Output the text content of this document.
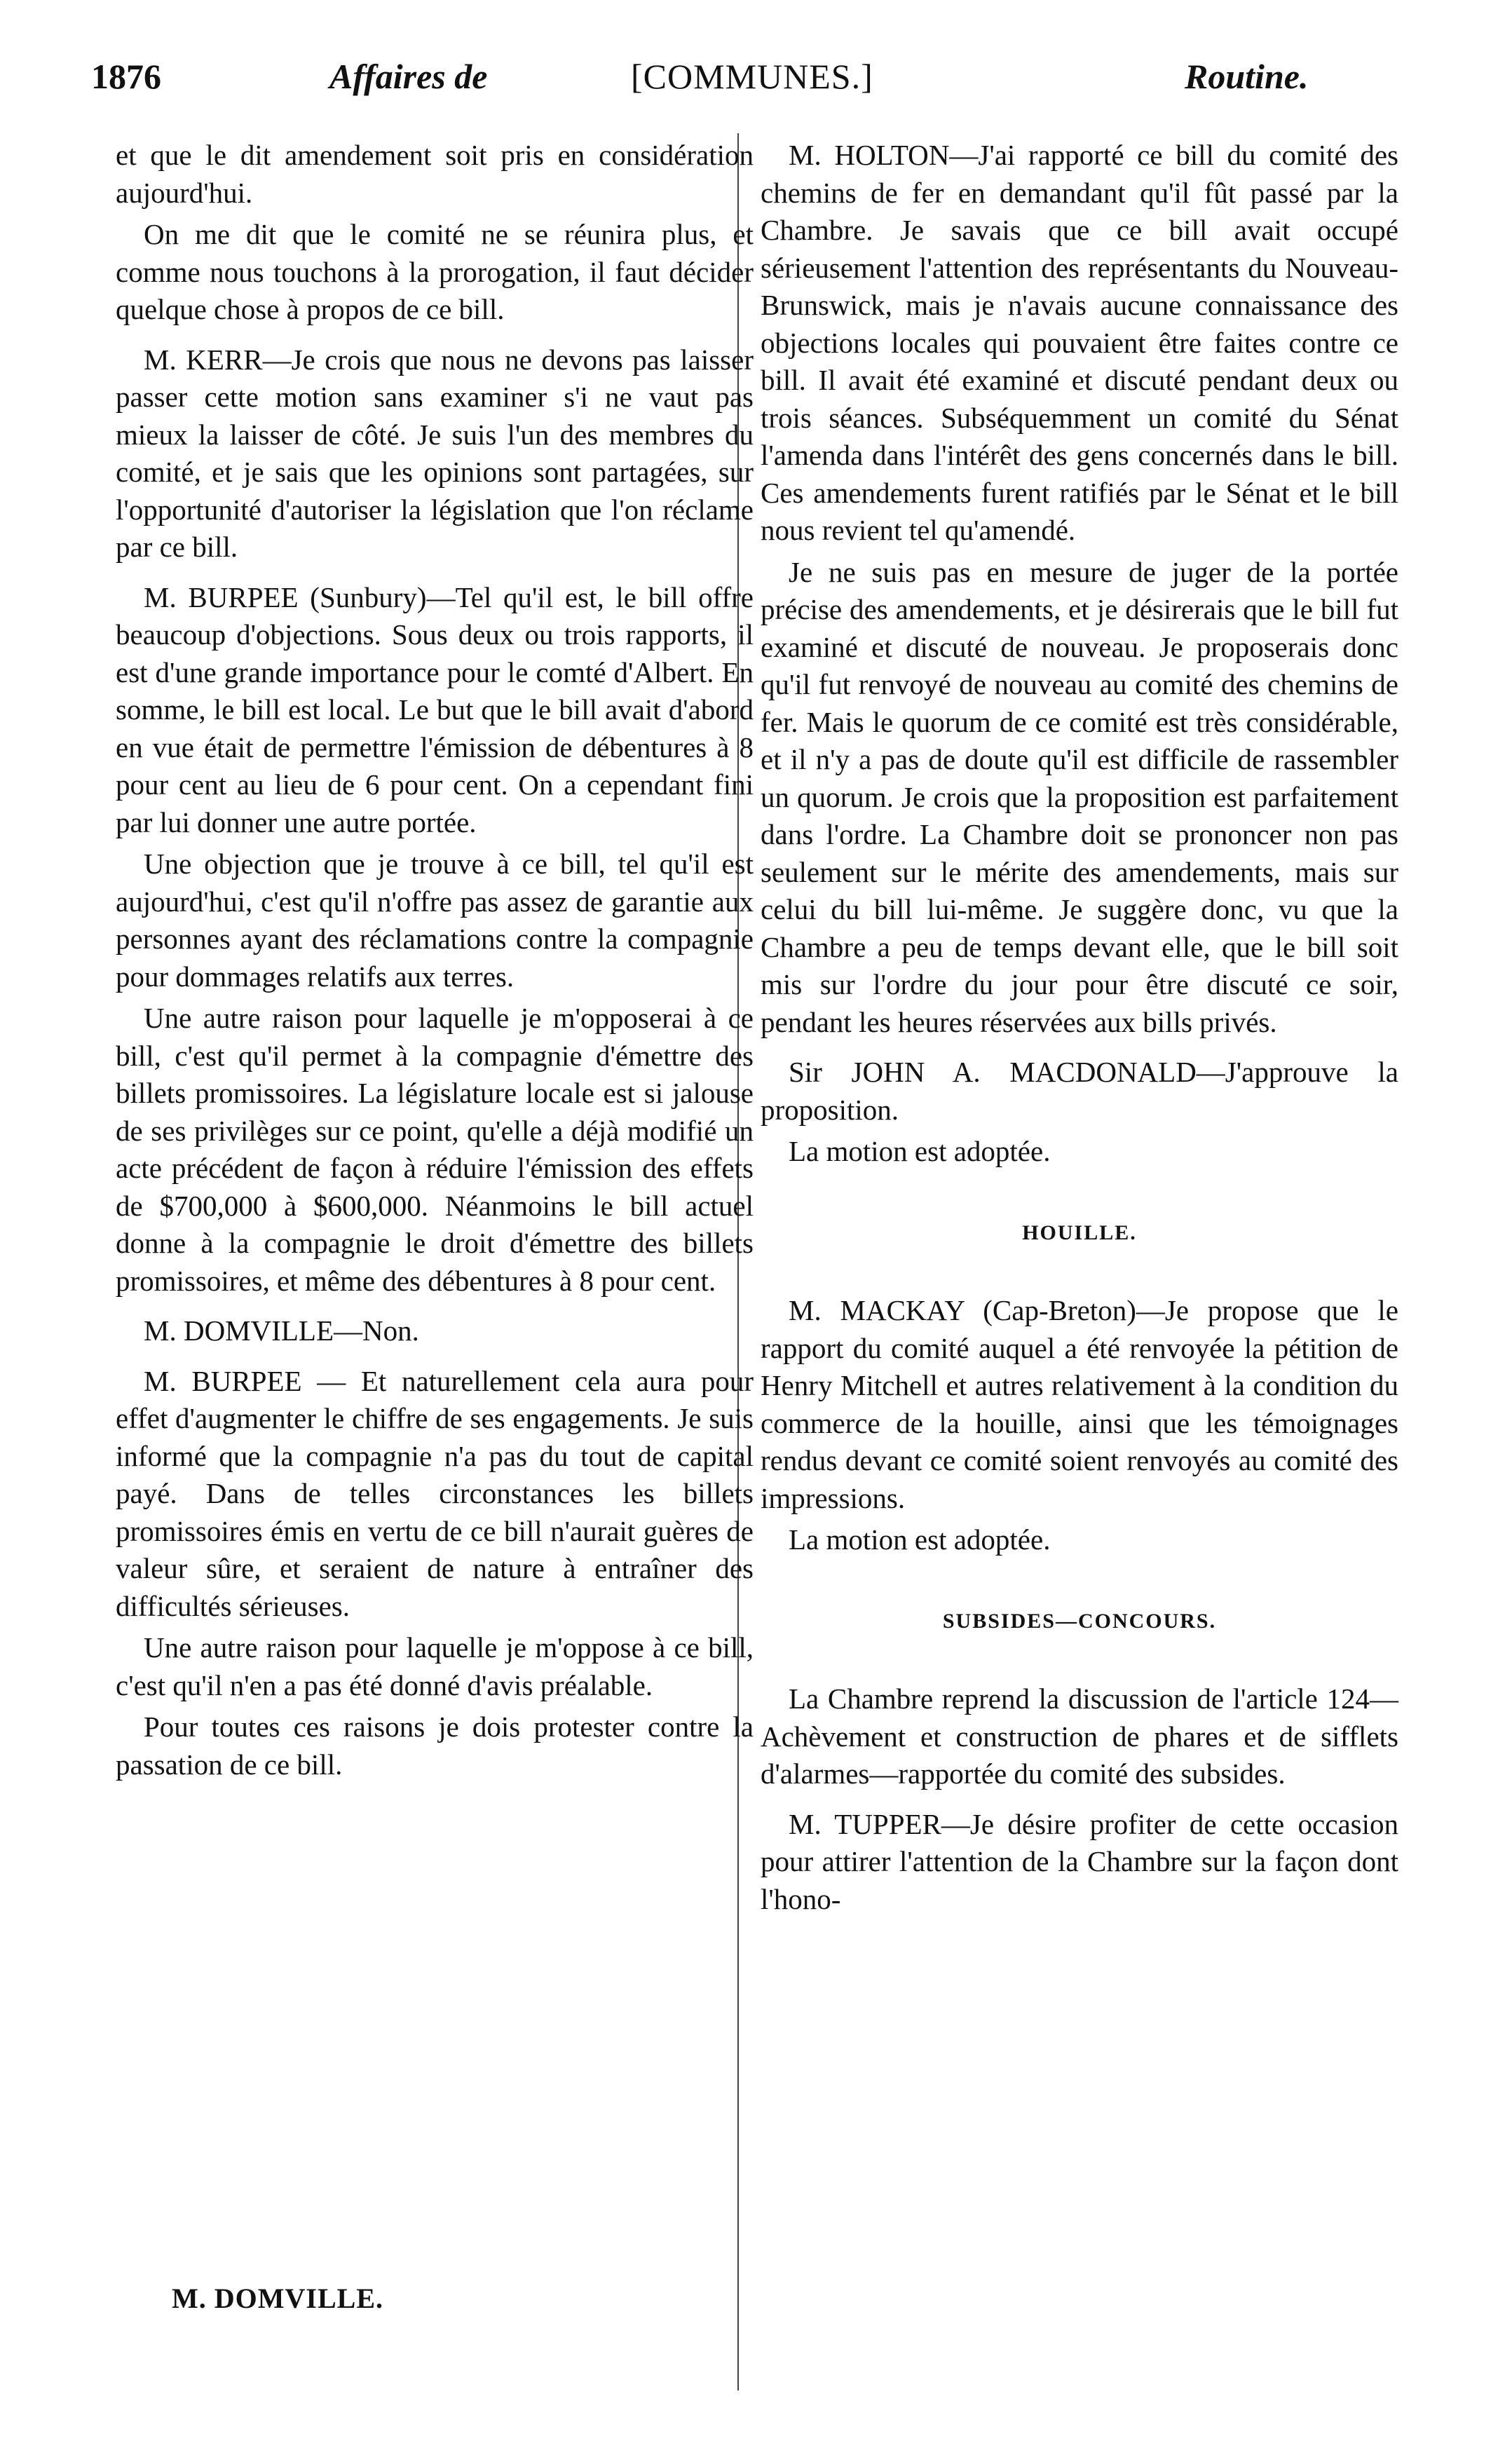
1876	Affaires de	[COMMUNES.]	Routine.

et que le dit amendement soit pris en considération aujourd'hui.

On me dit que le comité ne se réunira plus, et comme nous touchons à la prorogation, il faut décider quelque chose à propos de ce bill.

M. KERR—Je crois que nous ne devons pas laisser passer cette motion sans examiner s'i ne vaut pas mieux la laisser de côté. Je suis l'un des membres du comité, et je sais que les opinions sont partagées, sur l'opportunité d'autoriser la législation que l'on réclame par ce bill.

M. BURPEE (Sunbury)—Tel qu'il est, le bill offre beaucoup d'objections. Sous deux ou trois rapports, il est d'une grande importance pour le comté d'Albert. En somme, le bill est local. Le but que le bill avait d'abord en vue était de permettre l'émission de débentures à 8 pour cent au lieu de 6 pour cent. On a cependant fini par lui donner une autre portée.

Une objection que je trouve à ce bill, tel qu'il est aujourd'hui, c'est qu'il n'offre pas assez de garantie aux personnes ayant des réclamations contre la compagnie pour dommages relatifs aux terres.

Une autre raison pour laquelle je m'opposerai à ce bill, c'est qu'il permet à la compagnie d'émettre des billets promissoires. La législature locale est si jalouse de ses privilèges sur ce point, qu'elle a déjà modifié un acte précédent de façon à réduire l'émission des effets de $700,000 à $600,000. Néanmoins le bill actuel donne à la compagnie le droit d'émettre des billets promissoires, et même des débentures à 8 pour cent.

M. DOMVILLE—Non.

M. BURPEE — Et naturellement cela aura pour effet d'augmenter le chiffre de ses engagements. Je suis informé que la compagnie n'a pas du tout de capital payé. Dans de telles circonstances les billets promissoires émis en vertu de ce bill n'aurait guères de valeur sûre, et seraient de nature à entraîner des difficultés sérieuses.

Une autre raison pour laquelle je m'oppose à ce bill, c'est qu'il n'en a pas été donné d'avis préalable.

Pour toutes ces raisons je dois protester contre la passation de ce bill.

M. HOLTON—J'ai rapporté ce bill du comité des chemins de fer en demandant qu'il fût passé par la Chambre. Je savais que ce bill avait occupé sérieusement l'attention des représentants du Nouveau-Brunswick, mais je n'avais aucune connaissance des objections locales qui pouvaient être faites contre ce bill. Il avait été examiné et discuté pendant deux ou trois séances. Subséquemment un comité du Sénat l'amenda dans l'intérêt des gens concernés dans le bill. Ces amendements furent ratifiés par le Sénat et le bill nous revient tel qu'amendé.

Je ne suis pas en mesure de juger de la portée précise des amendements, et je désirerais que le bill fut examiné et discuté de nouveau. Je proposerais donc qu'il fut renvoyé de nouveau au comité des chemins de fer. Mais le quorum de ce comité est très considérable, et il n'y a pas de doute qu'il est difficile de rassembler un quorum. Je crois que la proposition est parfaitement dans l'ordre. La Chambre doit se prononcer non pas seulement sur le mérite des amendements, mais sur celui du bill lui-même. Je suggère donc, vu que la Chambre a peu de temps devant elle, que le bill soit mis sur l'ordre du jour pour être discuté ce soir, pendant les heures réservées aux bills privés.

Sir JOHN A. MACDONALD—J'approuve la proposition.

La motion est adoptée.

HOUILLE.

M. MACKAY (Cap-Breton)—Je propose que le rapport du comité auquel a été renvoyée la pétition de Henry Mitchell et autres relativement à la condition du commerce de la houille, ainsi que les témoignages rendus devant ce comité soient renvoyés au comité des impressions.

La motion est adoptée.

SUBSIDES—CONCOURS.

La Chambre reprend la discussion de l'article 124—Achèvement et construction de phares et de sifflets d'alarmes—rapportée du comité des subsides.

M. TUPPER—Je désire profiter de cette occasion pour attirer l'attention de la Chambre sur la façon dont l'hono-

M. DOMVILLE.
